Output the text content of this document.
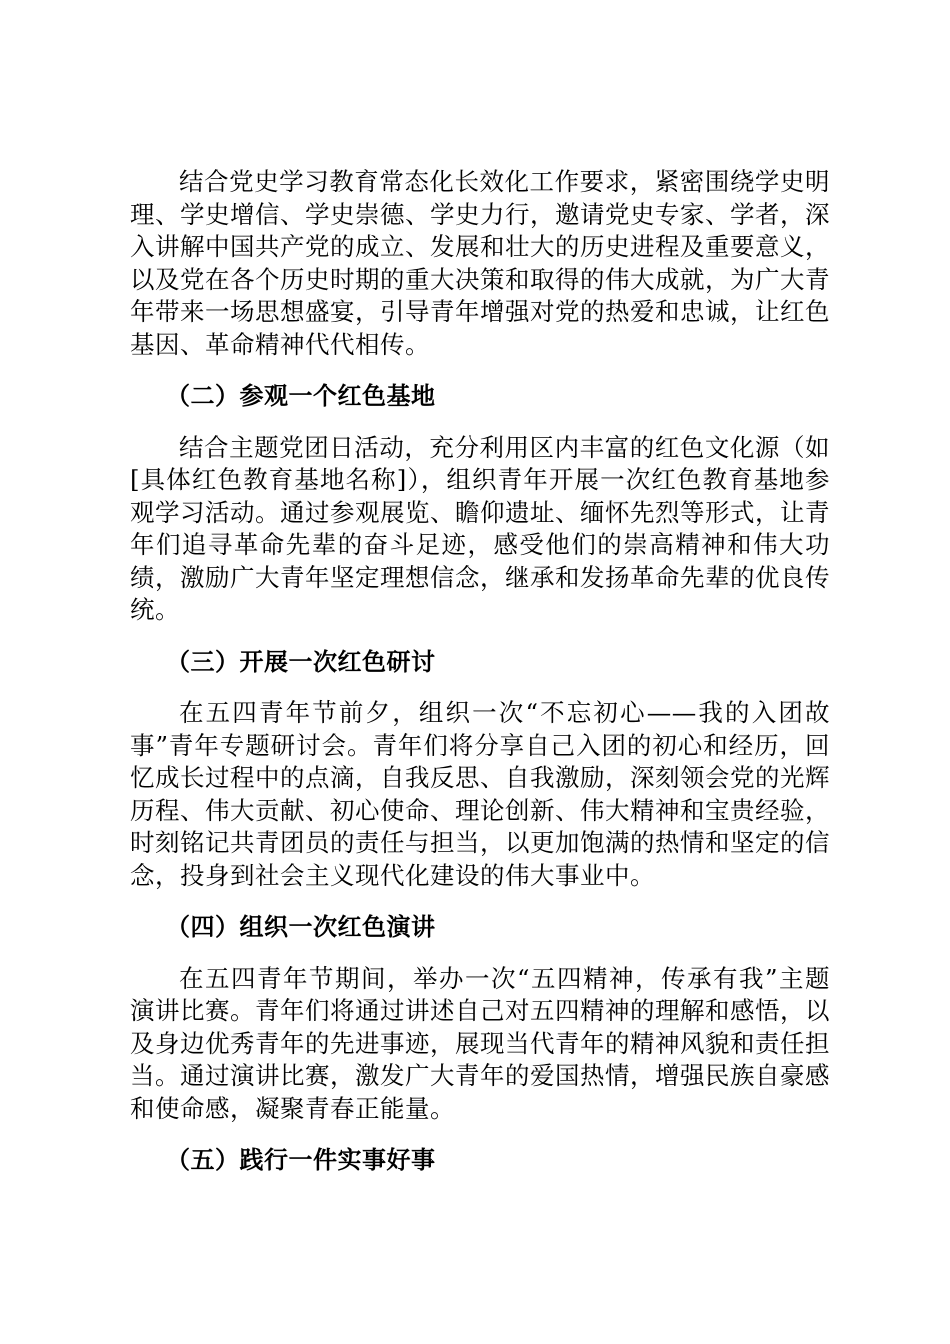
结合党史学习教育常态化长效化工作要求，紧密围绕学史明理、学史增信、学史崇德、学史力行，邀请党史专家、学者，深入讲解中国共产党的成立、发展和壮大的历史进程及重要意义，以及党在各个历史时期的重大决策和取得的伟大成就，为广大青年带来一场思想盛宴，引导青年增强对党的热爱和忠诚，让红色基因、革命精神代代相传。

（二）参观一个红色基地

结合主题党团日活动，充分利用区内丰富的红色文化源（如[具体红色教育基地名称]），组织青年开展一次红色教育基地参观学习活动。通过参观展览、瞻仰遗址、缅怀先烈等形式，让青年们追寻革命先辈的奋斗足迹，感受他们的崇高精神和伟大功绩，激励广大青年坚定理想信念，继承和发扬革命先辈的优良传统。

（三）开展一次红色研讨

在五四青年节前夕，组织一次“不忘初心——我的入团故事”青年专题研讨会。青年们将分享自己入团的初心和经历，回忆成长过程中的点滴，自我反思、自我激励，深刻领会党的光辉历程、伟大贡献、初心使命、理论创新、伟大精神和宝贵经验，时刻铭记共青团员的责任与担当，以更加饱满的热情和坚定的信念，投身到社会主义现代化建设的伟大事业中。

（四）组织一次红色演讲

在五四青年节期间，举办一次“五四精神，传承有我”主题演讲比赛。青年们将通过讲述自己对五四精神的理解和感悟，以及身边优秀青年的先进事迹，展现当代青年的精神风貌和责任担当。通过演讲比赛，激发广大青年的爱国热情，增强民族自豪感和使命感，凝聚青春正能量。

（五）践行一件实事好事
